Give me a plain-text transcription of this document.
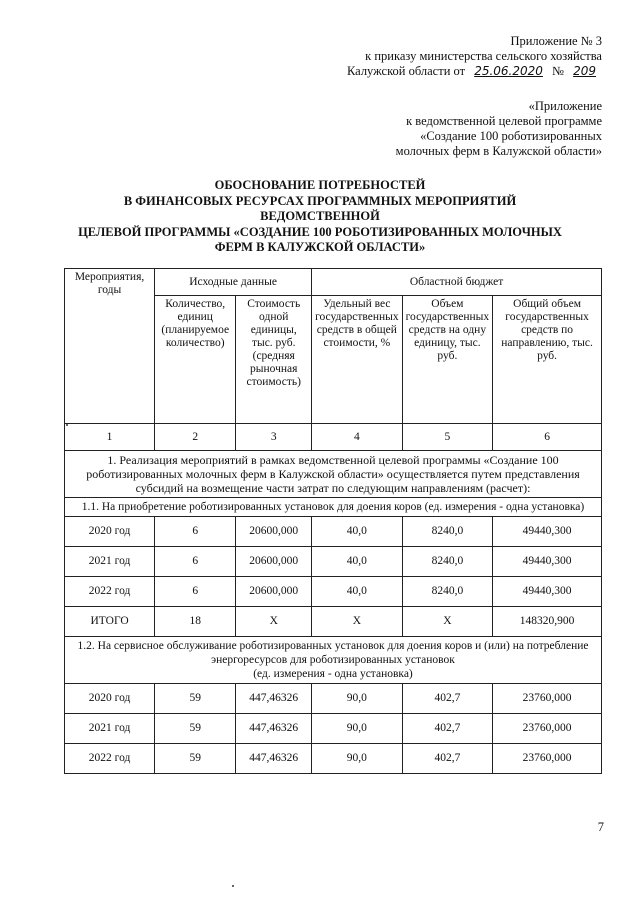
Приложение № 3
к приказу министерства сельского хозяйства
Калужской области от 25.06.2020 № 209
«Приложение
к ведомственной целевой программе
«Создание 100 роботизированных
молочных ферм в Калужской области»
ОБОСНОВАНИЕ ПОТРЕБНОСТЕЙ
В ФИНАНСОВЫХ РЕСУРСАХ ПРОГРАММНЫХ МЕРОПРИЯТИЙ
ВЕДОМСТВЕННОЙ
ЦЕЛЕВОЙ ПРОГРАММЫ «СОЗДАНИЕ 100 РОБОТИЗИРОВАННЫХ МОЛОЧНЫХ
ФЕРМ В КАЛУЖСКОЙ ОБЛАСТИ»
Мероприятия, годы	Исходные данные		Областной бюджет		
	Количество, единиц (планируемое количество)	Стоимость одной единицы, тыс. руб. (средняя рыночная стоимость)	Удельный вес государственных средств в общей стоимости, %	Объем государственных средств на одну единицу, тыс. руб.	Общий объем государственных средств по направлению, тыс. руб.
1	2	3	4	5	6
1. Реализация мероприятий в рамках ведомственной целевой программы «Создание 100 роботизированных молочных ферм в Калужской области» осуществляется путем представления субсидий на возмещение части затрат по следующим направлениям (расчет):					
1.1. На приобретение роботизированных установок для доения коров (ед. измерения - одна установка)					
2020 год	6	20600,000	40,0	8240,0	49440,300
2021 год	6	20600,000	40,0	8240,0	49440,300
2022 год	6	20600,000	40,0	8240,0	49440,300
ИТОГО	18	X	X	X	148320,900

1.2. На сервисное обслуживание роботизированных установок для доения коров и (или) на потребление энергоресурсов для роботизированных установок
(ед. измерения - одна установка)					

2020 год	59	447,46326	90,0	402,7	23760,000
2021 год	59	447,46326	90,0	402,7	23760,000
2022 год	59	447,46326	90,0	402,7	23760,000
7
